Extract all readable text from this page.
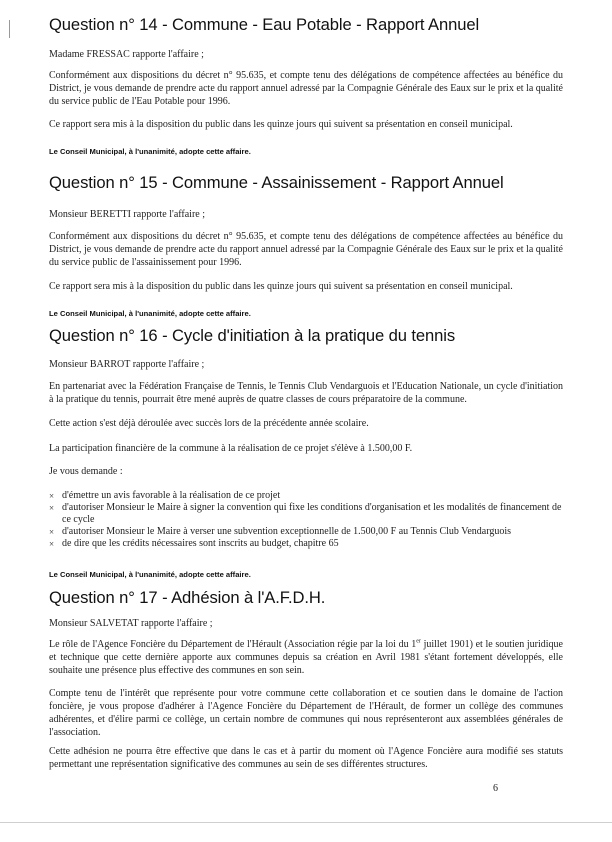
Question n° 14 - Commune - Eau Potable - Rapport Annuel

Madame FRESSAC rapporte l'affaire ;

Conformément aux dispositions du décret n° 95.635, et compte tenu des délégations de compétence affectées au bénéfice du District, je vous demande de prendre acte du rapport annuel adressé par la Compagnie Générale des Eaux sur le prix et la qualité du service public de l'Eau Potable pour 1996.

Ce rapport sera mis à la disposition du public dans les quinze jours qui suivent sa présentation en conseil municipal.

Le Conseil Municipal, à l'unanimité, adopte cette affaire.
Question n° 15 - Commune - Assainissement - Rapport Annuel

Monsieur BERETTI rapporte l'affaire ;

Conformément aux dispositions du décret n° 95.635, et compte tenu des délégations de compétence affectées au bénéfice du District, je vous demande de prendre acte du rapport annuel adressé par la Compagnie Générale des Eaux sur le prix et la qualité du service public de l'assainissement pour 1996.

Ce rapport sera mis à la disposition du public dans les quinze jours qui suivent sa présentation en conseil municipal.

Le Conseil Municipal, à l'unanimité, adopte cette affaire.
Question n° 16 - Cycle d'initiation à la pratique du tennis

Monsieur BARROT rapporte l'affaire ;

En partenariat avec la Fédération Française de Tennis, le Tennis Club Vendarguois et l'Education Nationale, un cycle d'initiation à la pratique du tennis, pourrait être mené auprès de quatre classes de cours préparatoire de la commune.

Cette action s'est déjà déroulée avec succès lors de la précédente année scolaire.

La participation financière de la commune à la réalisation de ce projet s'élève à 1.500,00 F.

Je vous demande :

× d'émettre un avis favorable à la réalisation de ce projet
× d'autoriser Monsieur le Maire à signer la convention qui fixe les conditions d'organisation et les modalités de financement de ce cycle
× d'autoriser Monsieur le Maire à verser une subvention exceptionnelle de 1.500,00 F au Tennis Club Vendarguois
× de dire que les crédits nécessaires sont inscrits au budget, chapitre 65
Le Conseil Municipal, à l'unanimité, adopte cette affaire.
Question n° 17 - Adhésion à l'A.F.D.H.

Monsieur SALVETAT rapporte l'affaire ;

Le rôle de l'Agence Foncière du Département de l'Hérault (Association régie par la loi du 1er juillet 1901) et le soutien juridique et technique que cette dernière apporte aux communes depuis sa création en Avril 1981 s'étant fortement développés, elle souhaite une présence plus effective des communes en son sein.

Compte tenu de l'intérêt que représente pour votre commune cette collaboration et ce soutien dans le domaine de l'action foncière, je vous propose d'adhérer à l'Agence Foncière du Département de l'Hérault, de former un collège des communes adhérentes, et d'élire parmi ce collège, un certain nombre de communes qui nous représenteront aux assemblées générales de l'association.

Cette adhésion ne pourra être effective que dans le cas et à partir du moment où l'Agence Foncière aura modifié ses statuts permettant une représentation significative des communes au sein de ses différentes structures.

6
